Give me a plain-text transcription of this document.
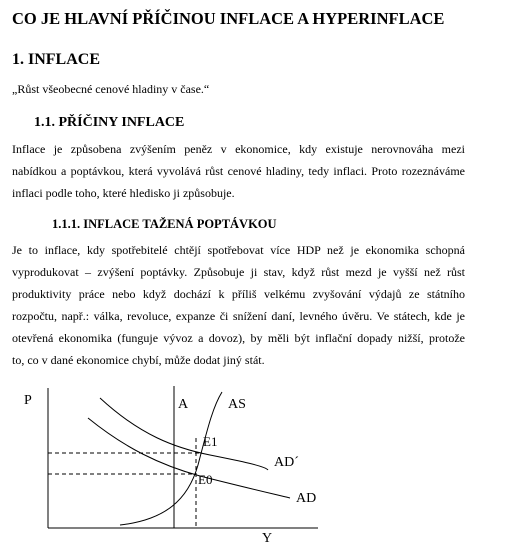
CO JE HLAVNÍ PŘÍČINOU INFLACE A HYPERINFLACE
1. INFLACE
„Růst všeobecné cenové hladiny v čase.“
1.1. PŘÍČINY INFLACE
Inflace je způsobena zvýšením peněz v ekonomice, kdy existuje nerovnováha mezi
nabídkou a poptávkou, která vyvolává růst cenové hladiny, tedy inflaci. Proto rozeznáváme
inflaci podle toho, které hledisko ji způsobuje.
1.1.1. INFLACE TAŽENÁ POPTÁVKOU
Je to inflace, kdy spotřebitelé chtějí spotřebovat více HDP než je ekonomika schopná
vyprodukovat – zvýšení poptávky. Způsobuje ji stav, když růst mezd je vyšší než růst
produktivity práce nebo když dochází k příliš velkému zvyšování výdajů ze státního
rozpočtu, např.: válka, revoluce, expanze či snížení daní, levného úvěru. Ve státech, kde je
otevřená ekonomika (funguje vývoz a dovoz), by měli být inflační dopady nižší, protože
to, co v dané ekonomice chybí, může dodat jiný stát.
P
Y
A	AS
AD´
AD
E1
E0
